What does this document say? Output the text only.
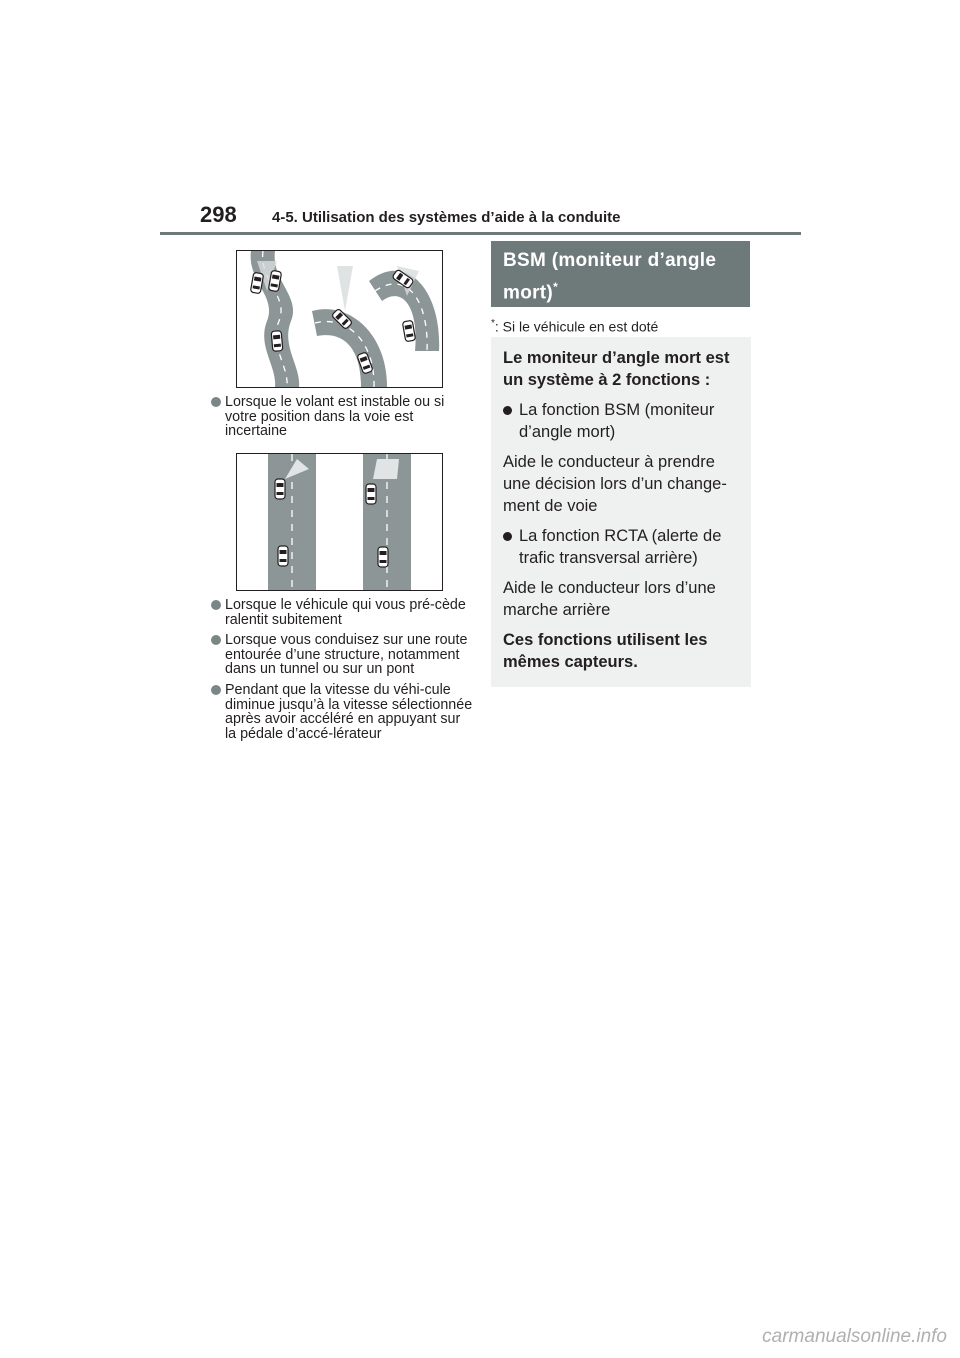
298 4-5. Utilisation des systèmes d’aide à la conduite
Lorsque le volant est instable ou si votre position dans la voie est incertaine
Lorsque le véhicule qui vous pré-cède ralentit subitement
Lorsque vous conduisez sur une route entourée d’une structure, notamment dans un tunnel ou sur un pont
Pendant que la vitesse du véhi-cule diminue jusqu’à la vitesse sélectionnée après avoir accéléré en appuyant sur la pédale d’accé-lérateur
BSM (moniteur d’angle mort)*
*: Si le véhicule en est doté

Le moniteur d’angle mort est un système à 2 fonctions :

La fonction BSM (moniteur d’angle mort)

Aide le conducteur à prendre une décision lors d’un change-ment de voie

La fonction RCTA (alerte de trafic transversal arrière)

Aide le conducteur lors d’une marche arrière

Ces fonctions utilisent les mêmes capteurs.

carmanualsonline.info
